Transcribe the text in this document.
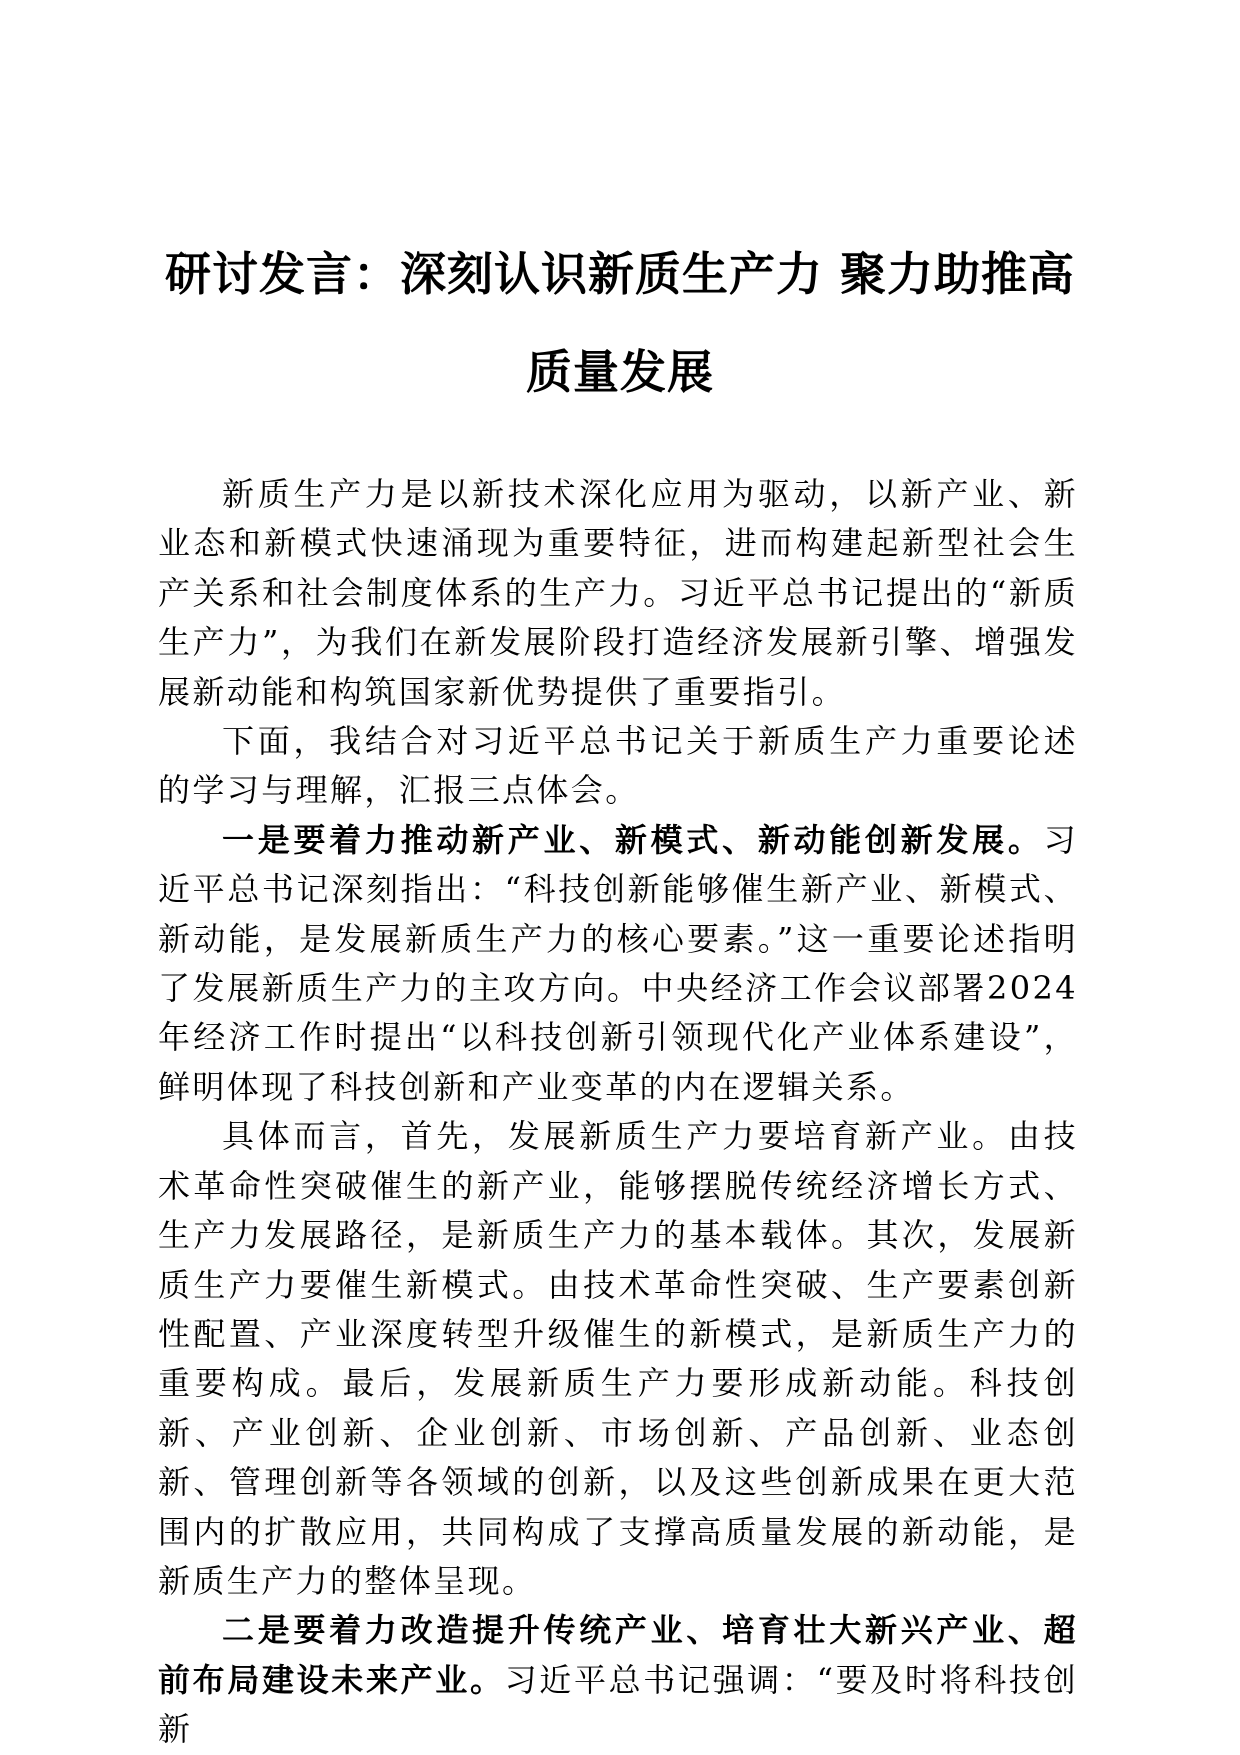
研讨发言：深刻认识新质生产力 聚力助推高
质量发展

新质生产力是以新技术深化应用为驱动，以新产业、新业态和新模式快速涌现为重要特征，进而构建起新型社会生产关系和社会制度体系的生产力。习近平总书记提出的“新质生产力”，为我们在新发展阶段打造经济发展新引擎、增强发展新动能和构筑国家新优势提供了重要指引。

下面，我结合对习近平总书记关于新质生产力重要论述的学习与理解，汇报三点体会。

一是要着力推动新产业、新模式、新动能创新发展。习近平总书记深刻指出：“科技创新能够催生新产业、新模式、新动能，是发展新质生产力的核心要素。”这一重要论述指明了发展新质生产力的主攻方向。中央经济工作会议部署2024年经济工作时提出“以科技创新引领现代化产业体系建设”，鲜明体现了科技创新和产业变革的内在逻辑关系。

具体而言，首先，发展新质生产力要培育新产业。由技术革命性突破催生的新产业，能够摆脱传统经济增长方式、生产力发展路径，是新质生产力的基本载体。其次，发展新质生产力要催生新模式。由技术革命性突破、生产要素创新性配置、产业深度转型升级催生的新模式，是新质生产力的重要构成。最后，发展新质生产力要形成新动能。科技创新、产业创新、企业创新、市场创新、产品创新、业态创新、管理创新等各领域的创新，以及这些创新成果在更大范围内的扩散应用，共同构成了支撑高质量发展的新动能，是新质生产力的整体呈现。

二是要着力改造提升传统产业、培育壮大新兴产业、超前布局建设未来产业。习近平总书记强调：“要及时将科技创新
